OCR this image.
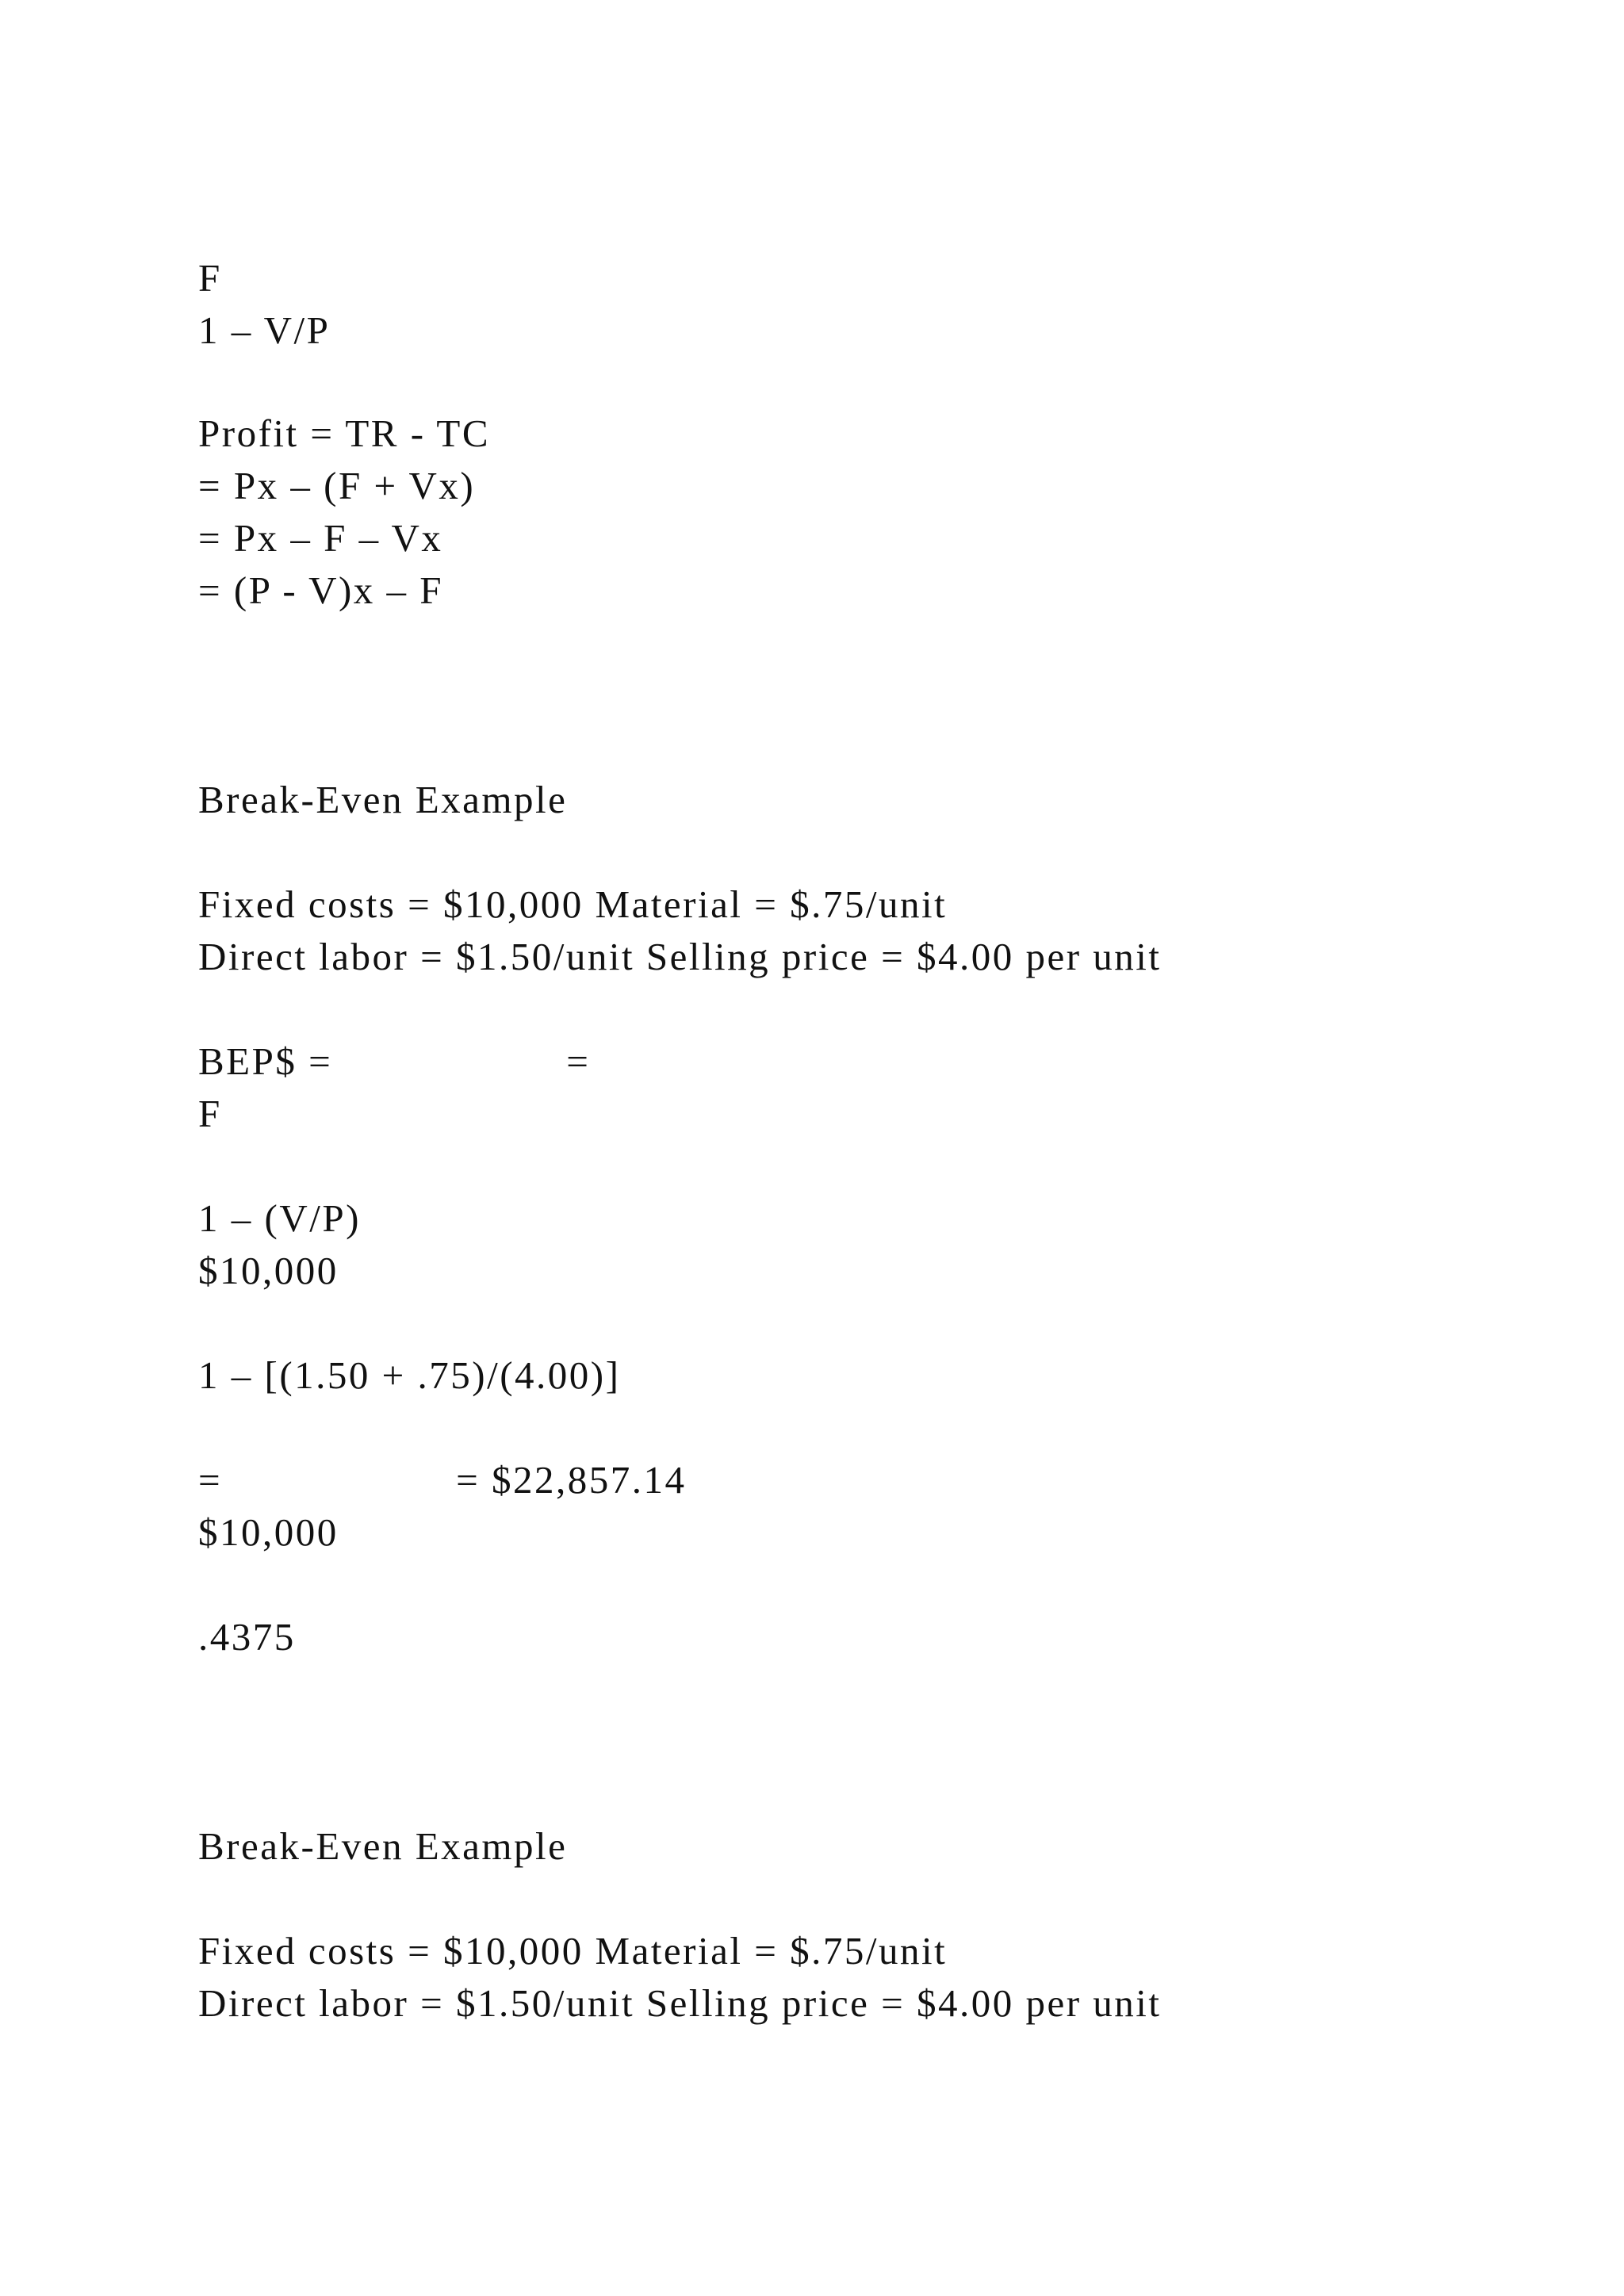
F
1 – V/P
Profit = TR - TC
= Px – (F + Vx)
= Px – F – Vx
= (P - V)x – F
Break-Even Example
Fixed costs = $10,000 Material = $.75/unit
Direct labor = $1.50/unit Selling price = $4.00 per unit
BEP$ =                    =
F
1 – (V/P)
$10,000
1 – [(1.50 + .75)/(4.00)]
=                    = $22,857.14
$10,000
.4375
Break-Even Example
Fixed costs = $10,000 Material = $.75/unit
Direct labor = $1.50/unit Selling price = $4.00 per unit
